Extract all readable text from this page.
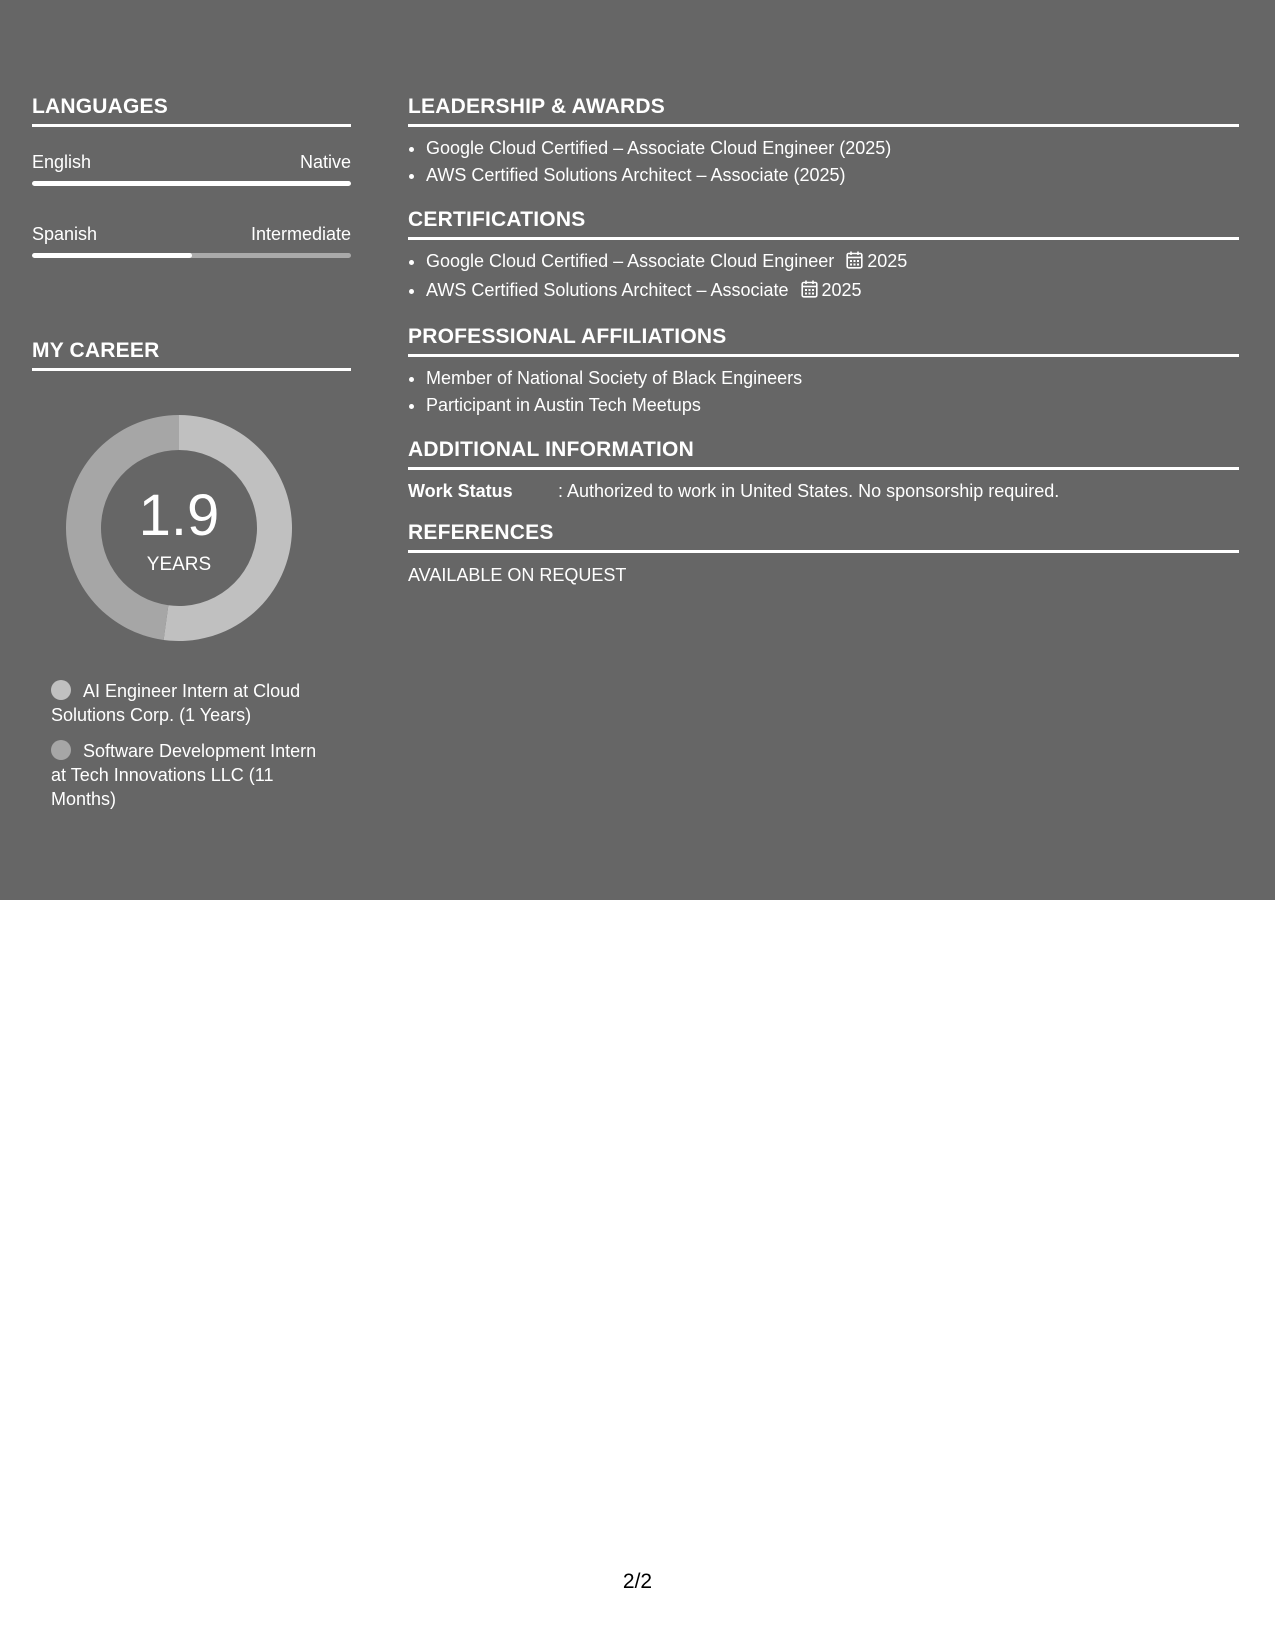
LANGUAGES
English	Native
Spanish	Intermediate
MY CAREER
1.9
YEARS
AI Engineer Intern at Cloud Solutions Corp. (1 Years)
Software Development Intern at Tech Innovations LLC (11 Months)
LEADERSHIP & AWARDS
• Google Cloud Certified – Associate Cloud Engineer (2025)
• AWS Certified Solutions Architect – Associate (2025)
CERTIFICATIONS
• Google Cloud Certified – Associate Cloud Engineer 2025
• AWS Certified Solutions Architect – Associate 2025
PROFESSIONAL AFFILIATIONS
• Member of National Society of Black Engineers
• Participant in Austin Tech Meetups
ADDITIONAL INFORMATION
Work Status	: Authorized to work in United States. No sponsorship required.
REFERENCES
AVAILABLE ON REQUEST
2/2
